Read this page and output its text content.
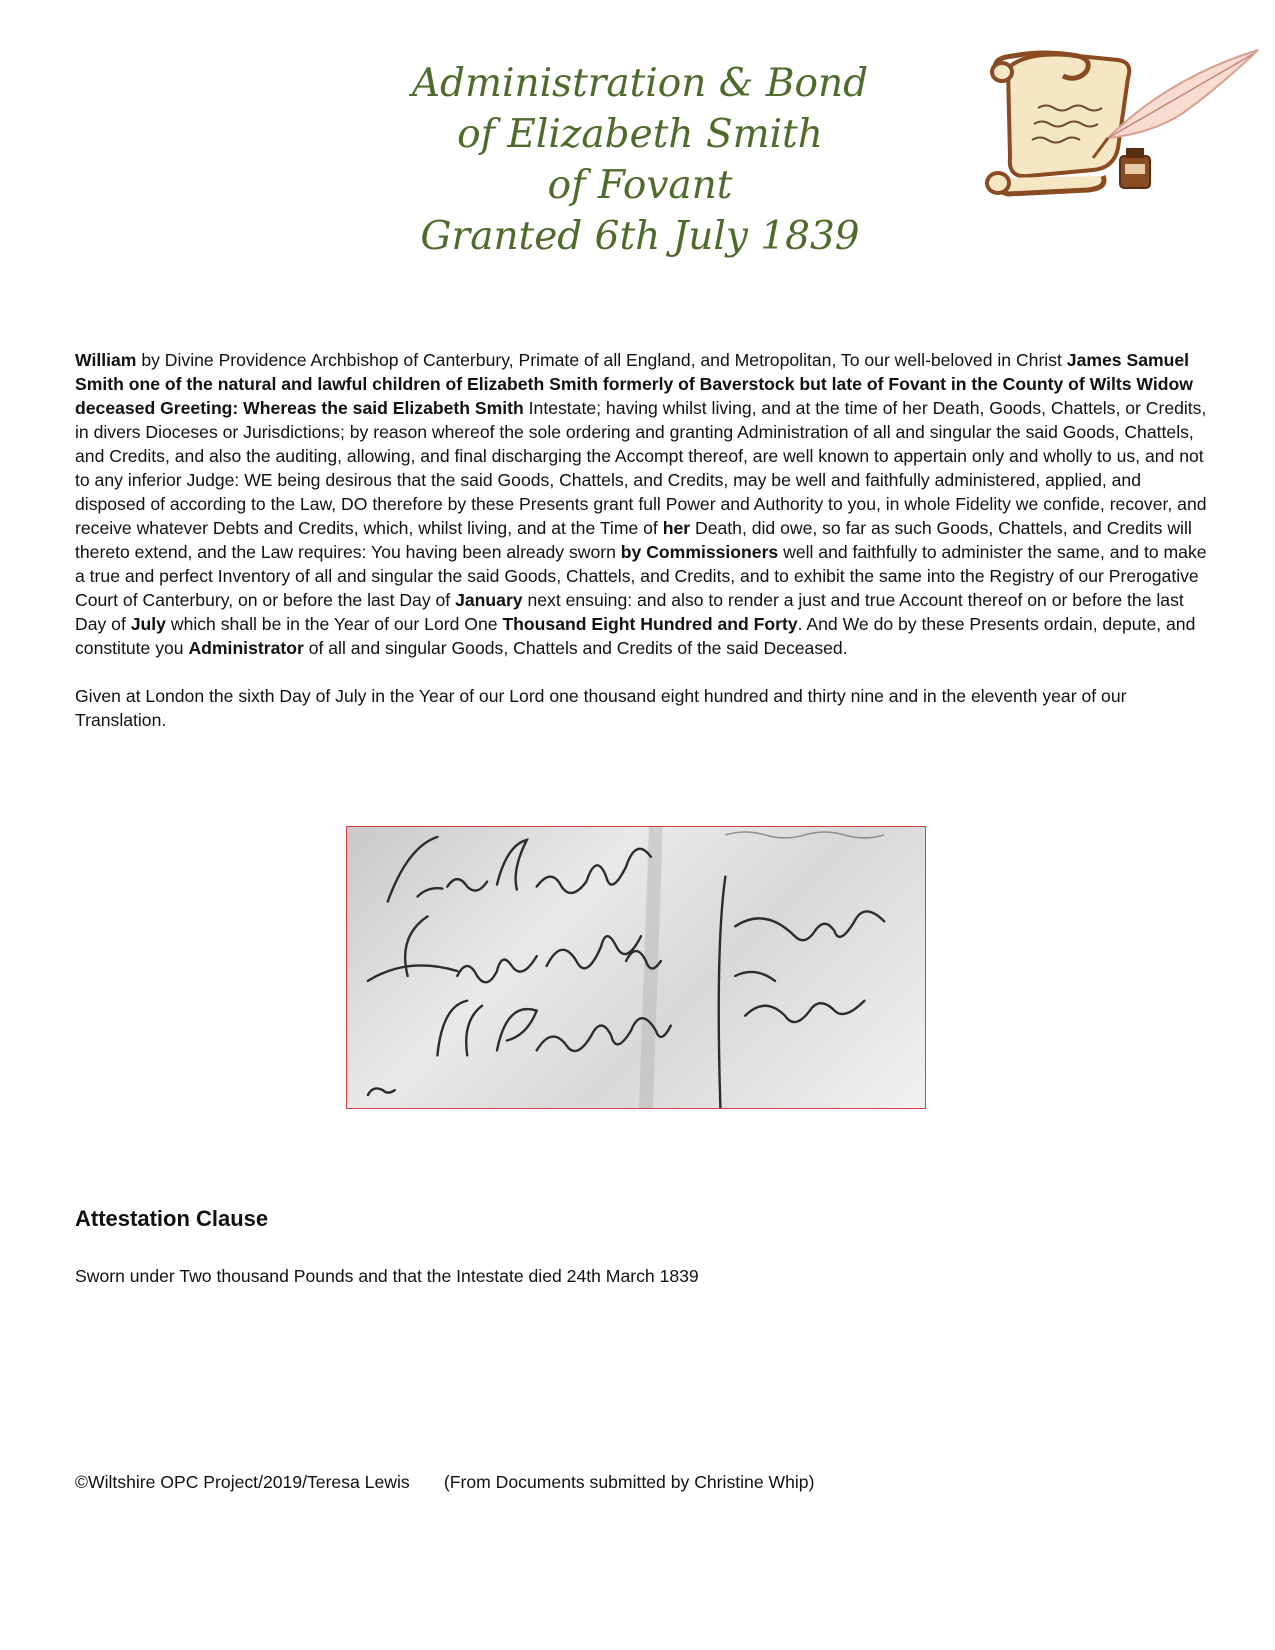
Administration & Bond
of Elizabeth Smith
of Fovant
Granted 6th July 1839

William by Divine Providence Archbishop of Canterbury, Primate of all England, and Metropolitan, To our well-beloved in Christ James Samuel Smith one of the natural and lawful children of Elizabeth Smith formerly of Baverstock but late of Fovant in the County of Wilts Widow deceased Greeting: Whereas the said Elizabeth Smith Intestate; having whilst living, and at the time of her Death, Goods, Chattels, or Credits, in divers Dioceses or Jurisdictions; by reason whereof the sole ordering and granting Administration of all and singular the said Goods, Chattels, and Credits, and also the auditing, allowing, and final discharging the Accompt thereof, are well known to appertain only and wholly to us, and not to any inferior Judge: WE being desirous that the said Goods, Chattels, and Credits, may be well and faithfully administered, applied, and disposed of according to the Law, DO therefore by these Presents grant full Power and Authority to you, in whole Fidelity we confide, recover, and receive whatever Debts and Credits, which, whilst living, and at the Time of her Death, did owe, so far as such Goods, Chattels, and Credits will thereto extend, and the Law requires: You having been already sworn by Commissioners well and faithfully to administer the same, and to make a true and perfect Inventory of all and singular the said Goods, Chattels, and Credits, and to exhibit the same into the Registry of our Prerogative Court of Canterbury, on or before the last Day of January next ensuing: and also to render a just and true Account thereof on or before the last Day of July which shall be in the Year of our Lord One Thousand Eight Hundred and Forty. And We do by these Presents ordain, depute, and constitute you Administrator of all and singular Goods, Chattels and Credits of the said Deceased.

Given at London the sixth Day of July in the Year of our Lord one thousand eight hundred and thirty nine and in the eleventh year of our Translation.

Attestation Clause
Sworn under Two thousand Pounds and that the Intestate died 24th March 1839
©Wiltshire OPC Project/2019/Teresa Lewis (From Documents submitted by Christine Whip)
